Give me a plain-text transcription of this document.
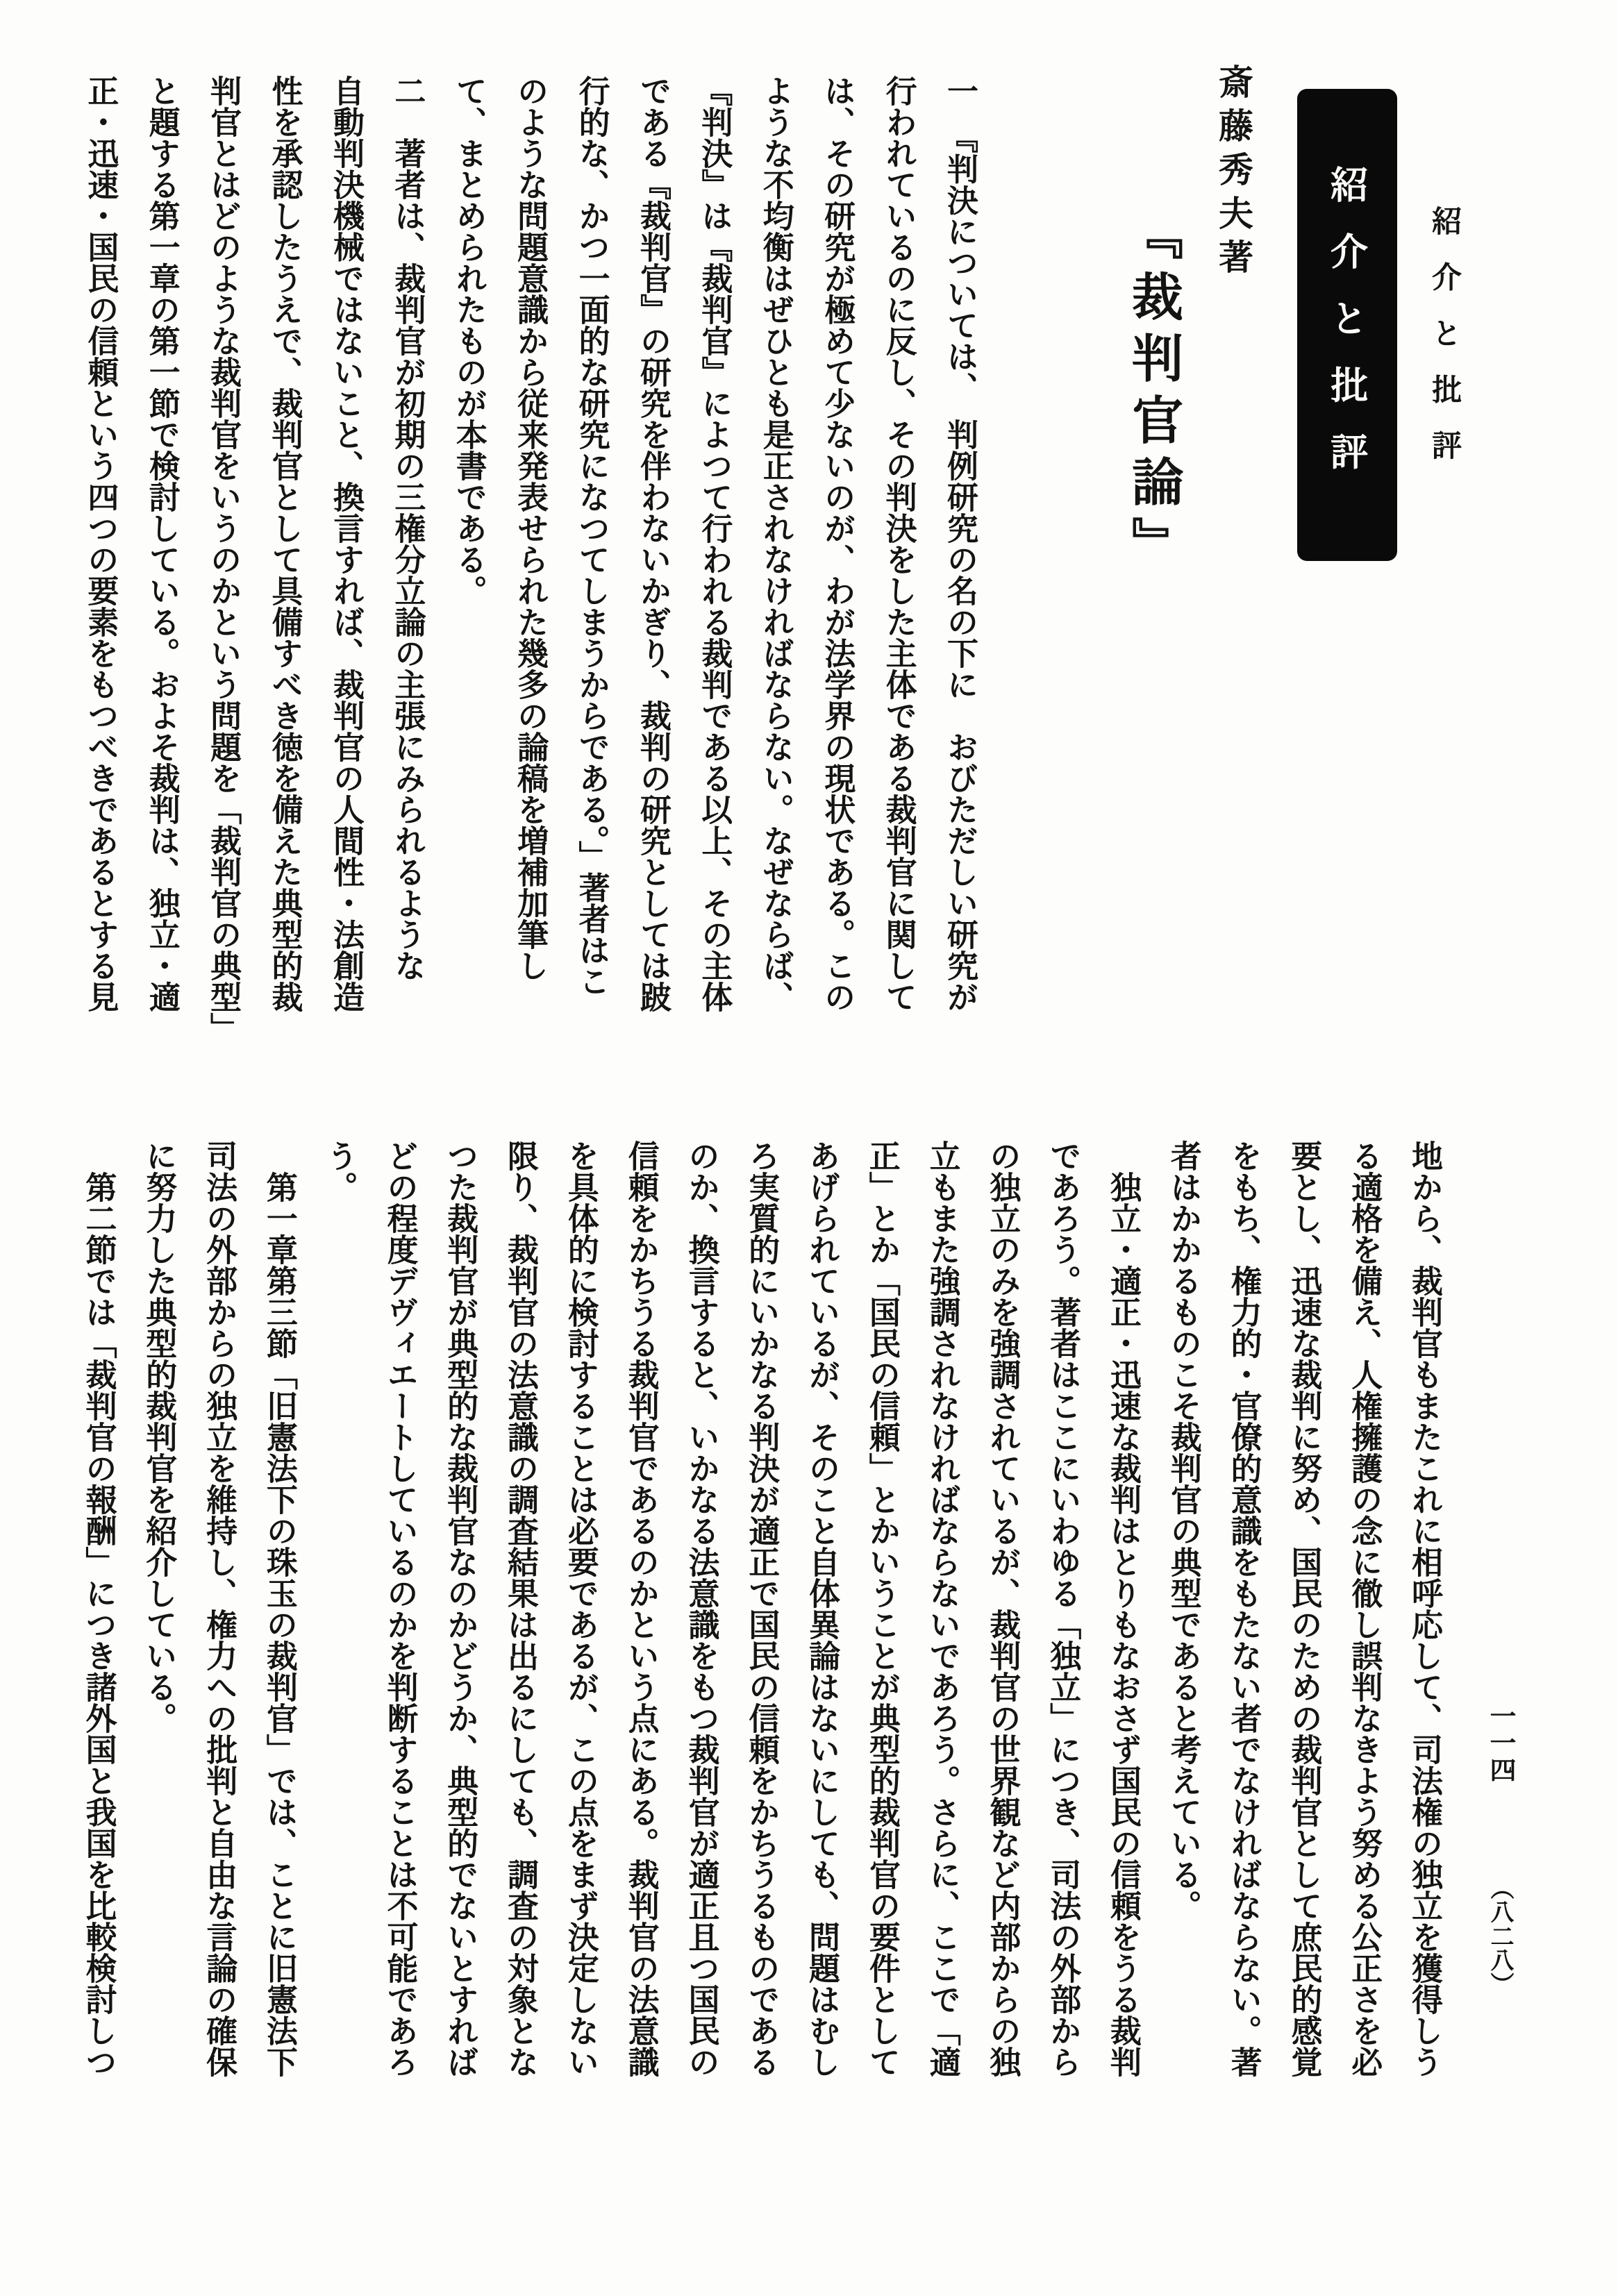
紹介と批評
紹介と批評
斎藤秀夫著
『裁判官論』

一　『判決については、　判例研究の名の下に　おびただしい研究が

行われているのに反し、その判決をした主体である裁判官に関して

は、その研究が極めて少ないのが、わが法学界の現状である。この

ような不均衡はぜひとも是正されなければならない。なぜならば、

『判決』は『裁判官』によつて行われる裁判である以上、その主体

である『裁判官』の研究を伴わないかぎり、裁判の研究としては跛

行的な、かつ一面的な研究になつてしまうからである。」著者はこ

のような問題意識から従来発表せられた幾多の論稿を増補加筆し

て、まとめられたものが本書である。

二　著者は、裁判官が初期の三権分立論の主張にみられるような

自動判決機械ではないこと、換言すれば、裁判官の人間性・法創造

性を承認したうえで、裁判官として具備すべき徳を備えた典型的裁

判官とはどのような裁判官をいうのかという問題を「裁判官の典型」

と題する第一章の第一節で検討している。およそ裁判は、独立・適

正・迅速・国民の信頼という四つの要素をもつべきであるとする見

地から、裁判官もまたこれに相呼応して、司法権の独立を獲得しう

る適格を備え、人権擁護の念に徹し誤判なきよう努める公正さを必

要とし、迅速な裁判に努め、国民のための裁判官として庶民的感覚

をもち、権力的・官僚的意識をもたない者でなければならない。著

者はかかるものこそ裁判官の典型であると考えている。

　独立・適正・迅速な裁判はとりもなおさず国民の信頼をうる裁判

であろう。著者はここにいわゆる「独立」につき、司法の外部から

の独立のみを強調されているが、裁判官の世界観など内部からの独

立もまた強調されなければならないであろう。さらに、ここで「適

正」とか「国民の信頼」とかいうことが典型的裁判官の要件として

あげられているが、そのこと自体異論はないにしても、問題はむし

ろ実質的にいかなる判決が適正で国民の信頼をかちうるものである

のか、換言すると、いかなる法意識をもつ裁判官が適正且つ国民の

信頼をかちうる裁判官であるのかという点にある。裁判官の法意識

を具体的に検討することは必要であるが、この点をまず決定しない

限り、裁判官の法意識の調査結果は出るにしても、調査の対象とな

つた裁判官が典型的な裁判官なのかどうか、典型的でないとすれば

どの程度デヴィエートしているのかを判断することは不可能であろ

う。

　第一章第三節「旧憲法下の珠玉の裁判官」では、ことに旧憲法下

司法の外部からの独立を維持し、権力への批判と自由な言論の確保

に努力した典型的裁判官を紹介している。

　第二節では「裁判官の報酬」につき諸外国と我国を比較検討しつ	一一四
（八二八）
